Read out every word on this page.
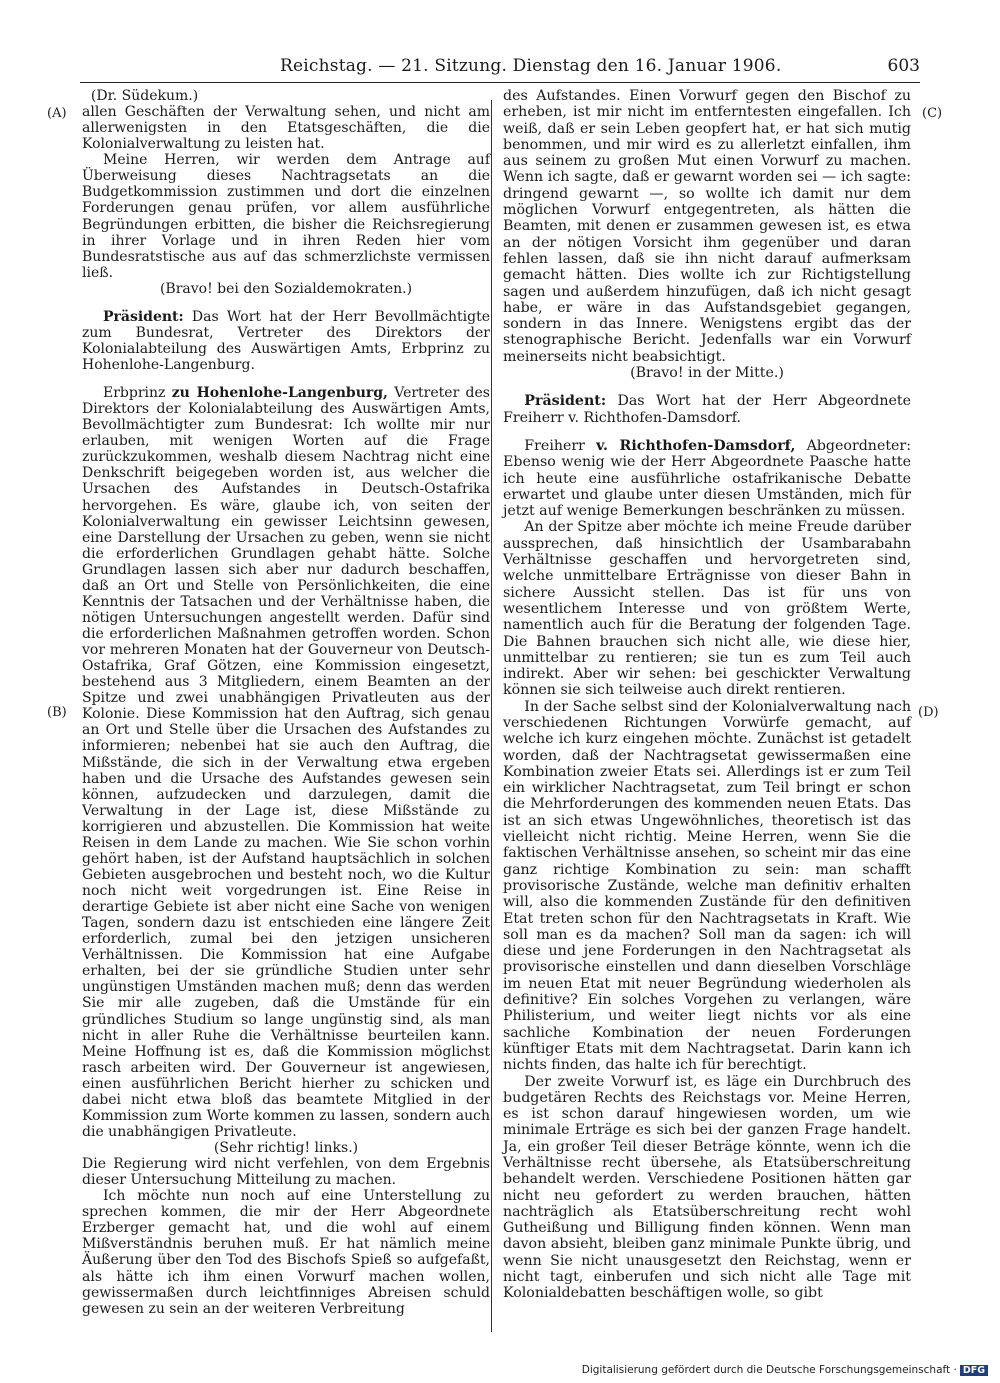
Reichstag. — 21. Sitzung. Dienstag den 16. Januar 1906.	603
(A)
(B)
(C)
(D)

(Dr. Südekum.)

allen Geschäften der Verwaltung sehen, und nicht am allerwenigsten in den Etatsgeschäften, die die Kolonialverwaltung zu leisten hat.

Meine Herren, wir werden dem Antrage auf Überweisung dieses Nachtragsetats an die Budgetkommission zustimmen und dort die einzelnen Forderungen genau prüfen, vor allem ausführliche Begründungen erbitten, die bisher die Reichsregierung in ihrer Vorlage und in ihren Reden hier vom Bundesratstische aus auf das schmerzlichste vermissen ließ.

(Bravo! bei den Sozialdemokraten.)

Präsident: Das Wort hat der Herr Bevollmächtigte zum Bundesrat, Vertreter des Direktors der Kolonialabteilung des Auswärtigen Amts, Erbprinz zu Hohenlohe-Langenburg.

Erbprinz zu Hohenlohe-Langenburg, Vertreter des Direktors der Kolonialabteilung des Auswärtigen Amts, Bevollmächtigter zum Bundesrat: Ich wollte mir nur erlauben, mit wenigen Worten auf die Frage zurückzukommen, weshalb diesem Nachtrag nicht eine Denkschrift beigegeben worden ist, aus welcher die Ursachen des Aufstandes in Deutsch-Ostafrika hervorgehen. Es wäre, glaube ich, von seiten der Kolonialverwaltung ein gewisser Leichtsinn gewesen, eine Darstellung der Ursachen zu geben, wenn sie nicht die erforderlichen Grundlagen gehabt hätte. Solche Grundlagen lassen sich aber nur dadurch beschaffen, daß an Ort und Stelle von Persönlichkeiten, die eine Kenntnis der Tatsachen und der Verhältnisse haben, die nötigen Untersuchungen angestellt werden. Dafür sind die erforderlichen Maßnahmen getroffen worden. Schon vor mehreren Monaten hat der Gouverneur von Deutsch-Ostafrika, Graf Götzen, eine Kommission eingesetzt, bestehend aus 3 Mitgliedern, einem Beamten an der Spitze und zwei unabhängigen Privatleuten aus der Kolonie. Diese Kommission hat den Auftrag, sich genau an Ort und Stelle über die Ursachen des Aufstandes zu informieren; nebenbei hat sie auch den Auftrag, die Mißstände, die sich in der Verwaltung etwa ergeben haben und die Ursache des Aufstandes gewesen sein können, aufzudecken und darzulegen, damit die Verwaltung in der Lage ist, diese Mißstände zu korrigieren und abzustellen. Die Kommission hat weite Reisen in dem Lande zu machen. Wie Sie schon vorhin gehört haben, ist der Aufstand hauptsächlich in solchen Gebieten ausgebrochen und besteht noch, wo die Kultur noch nicht weit vorgedrungen ist. Eine Reise in derartige Gebiete ist aber nicht eine Sache von wenigen Tagen, sondern dazu ist entschieden eine längere Zeit erforderlich, zumal bei den jetzigen unsicheren Verhältnissen. Die Kommission hat eine Aufgabe erhalten, bei der sie gründliche Studien unter sehr ungünstigen Umständen machen muß; denn das werden Sie mir alle zugeben, daß die Umstände für ein gründliches Studium so lange ungünstig sind, als man nicht in aller Ruhe die Verhältnisse beurteilen kann. Meine Hoffnung ist es, daß die Kommission möglichst rasch arbeiten wird. Der Gouverneur ist angewiesen, einen ausführlichen Bericht hierher zu schicken und dabei nicht etwa bloß das beamtete Mitglied in der Kommission zum Worte kommen zu lassen, sondern auch die unabhängigen Privatleute.

(Sehr richtig! links.)

Die Regierung wird nicht verfehlen, von dem Ergebnis dieser Untersuchung Mitteilung zu machen.

Ich möchte nun noch auf eine Unterstellung zu sprechen kommen, die mir der Herr Abgeordnete Erzberger gemacht hat, und die wohl auf einem Mißverständnis beruhen muß. Er hat nämlich meine Äußerung über den Tod des Bischofs Spieß so aufgefaßt, als hätte ich ihm einen Vorwurf machen wollen, gewissermaßen durch leichtfinniges Abreisen schuld gewesen zu sein an der weiteren Verbreitung

des Aufstandes. Einen Vorwurf gegen den Bischof zu erheben, ist mir nicht im entferntesten eingefallen. Ich weiß, daß er sein Leben geopfert hat, er hat sich mutig benommen, und mir wird es zu allerletzt einfallen, ihm aus seinem zu großen Mut einen Vorwurf zu machen. Wenn ich sagte, daß er gewarnt worden sei — ich sagte: dringend gewarnt —, so wollte ich damit nur dem möglichen Vorwurf entgegentreten, als hätten die Beamten, mit denen er zusammen gewesen ist, es etwa an der nötigen Vorsicht ihm gegenüber und daran fehlen lassen, daß sie ihn nicht darauf aufmerksam gemacht hätten. Dies wollte ich zur Richtigstellung sagen und außerdem hinzufügen, daß ich nicht gesagt habe, er wäre in das Aufstandsgebiet gegangen, sondern in das Innere. Wenigstens ergibt das der stenographische Bericht. Jedenfalls war ein Vorwurf meinerseits nicht beabsichtigt.

(Bravo! in der Mitte.)

Präsident: Das Wort hat der Herr Abgeordnete Freiherr v. Richthofen-Damsdorf.

Freiherr v. Richthofen-Damsdorf, Abgeordneter: Ebenso wenig wie der Herr Abgeordnete Paasche hatte ich heute eine ausführliche ostafrikanische Debatte erwartet und glaube unter diesen Umständen, mich für jetzt auf wenige Bemerkungen beschränken zu müssen.

An der Spitze aber möchte ich meine Freude darüber aussprechen, daß hinsichtlich der Usambarabahn Verhältnisse geschaffen und hervorgetreten sind, welche unmittelbare Erträgnisse von dieser Bahn in sichere Aussicht stellen. Das ist für uns von wesentlichem Interesse und von größtem Werte, namentlich auch für die Beratung der folgenden Tage. Die Bahnen brauchen sich nicht alle, wie diese hier, unmittelbar zu rentieren; sie tun es zum Teil auch indirekt. Aber wir sehen: bei geschickter Verwaltung können sie sich teilweise auch direkt rentieren.

In der Sache selbst sind der Kolonialverwaltung nach verschiedenen Richtungen Vorwürfe gemacht, auf welche ich kurz eingehen möchte. Zunächst ist getadelt worden, daß der Nachtragsetat gewissermaßen eine Kombination zweier Etats sei. Allerdings ist er zum Teil ein wirklicher Nachtragsetat, zum Teil bringt er schon die Mehrforderungen des kommenden neuen Etats. Das ist an sich etwas Ungewöhnliches, theoretisch ist das vielleicht nicht richtig. Meine Herren, wenn Sie die faktischen Verhältnisse ansehen, so scheint mir das eine ganz richtige Kombination zu sein: man schafft provisorische Zustände, welche man definitiv erhalten will, also die kommenden Zustände für den definitiven Etat treten schon für den Nachtragsetats in Kraft. Wie soll man es da machen? Soll man da sagen: ich will diese und jene Forderungen in den Nachtragsetat als provisorische einstellen und dann dieselben Vorschläge im neuen Etat mit neuer Begründung wiederholen als definitive? Ein solches Vorgehen zu verlangen, wäre Philisterium, und weiter liegt nichts vor als eine sachliche Kombination der neuen Forderungen künftiger Etats mit dem Nachtragsetat. Darin kann ich nichts finden, das halte ich für berechtigt.

Der zweite Vorwurf ist, es läge ein Durchbruch des budgetären Rechts des Reichstags vor. Meine Herren, es ist schon darauf hingewiesen worden, um wie minimale Erträge es sich bei der ganzen Frage handelt. Ja, ein großer Teil dieser Beträge könnte, wenn ich die Verhältnisse recht übersehe, als Etatsüberschreitung behandelt werden. Verschiedene Positionen hätten gar nicht neu gefordert zu werden brauchen, hätten nachträglich als Etatsüberschreitung recht wohl Gutheißung und Billigung finden können. Wenn man davon absieht, bleiben ganz minimale Punkte übrig, und wenn Sie nicht unausgesetzt den Reichstag, wenn er nicht tagt, einberufen und sich nicht alle Tage mit Kolonialdebatten beschäftigen wolle, so gibt

Digitalisierung gefördert durch die Deutsche Forschungsgemeinschaft · DFG
